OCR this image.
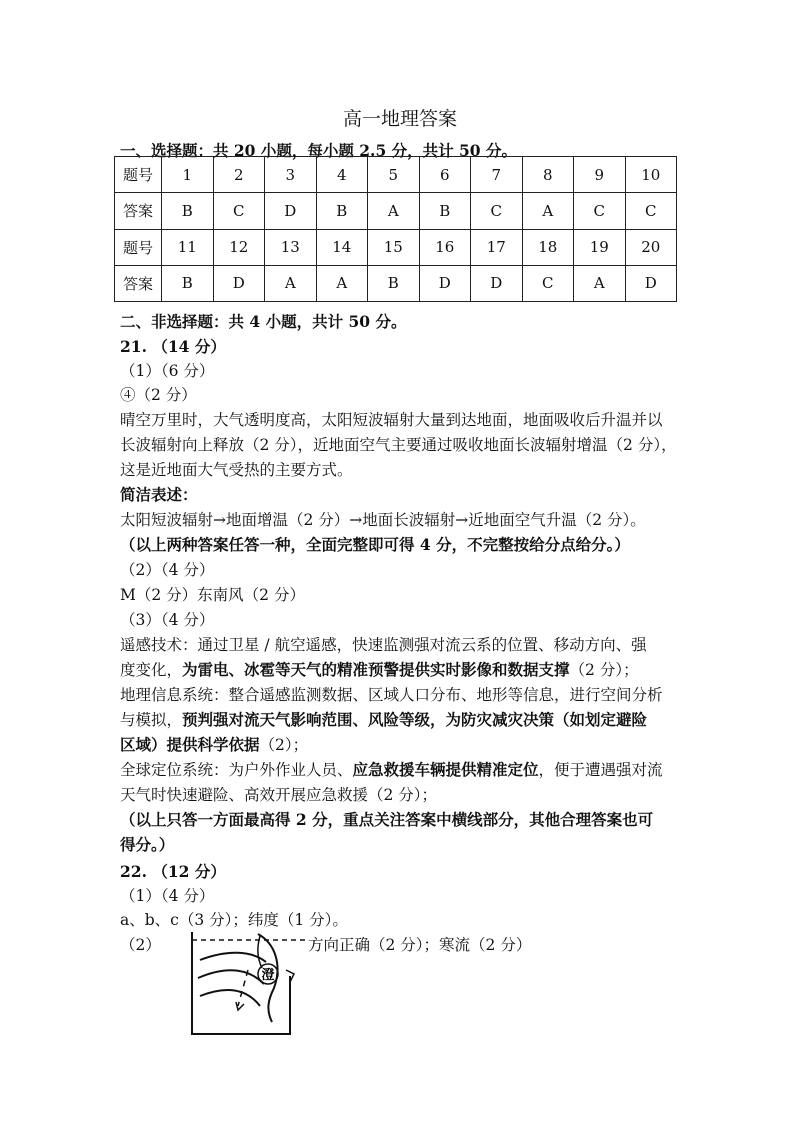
高一地理答案
一、选择题：共 20 小题，每小题 2.5 分，共计 50 分。
题号	1	2	3	4	5	6	7	8	9	10
答案	B	C	D	B	A	B	C	A	C	C
题号	11	12	13	14	15	16	17	18	19	20
答案	B	D	A	A	B	D	D	C	A	D
二、非选择题：共 4 小题，共计 50 分。
21. （14 分）
（1）（6 分）
④（2 分）
晴空万里时，大气透明度高，太阳短波辐射大量到达地面，地面吸收后升温并以
长波辐射向上释放（2 分），近地面空气主要通过吸收地面长波辐射增温（2 分），
这是近地面大气受热的主要方式。
简洁表述：
太阳短波辐射→地面增温（2 分）→地面长波辐射→近地面空气升温（2 分）。
（以上两种答案任答一种，全面完整即可得 4 分，不完整按给分点给分。）
（2）（4 分）
M（2 分）东南风（2 分）
（3）（4 分）
遥感技术：通过卫星 / 航空遥感，快速监测强对流云系的位置、移动方向、强
度变化，为雷电、冰雹等天气的精准预警提供实时影像和数据支撑（2 分）；
地理信息系统：整合遥感监测数据、区域人口分布、地形等信息，进行空间分析
与模拟，预判强对流天气影响范围、风险等级，为防灾减灾决策（如划定避险
区域）提供科学依据（2）；
全球定位系统：为户外作业人员、应急救援车辆提供精准定位，便于遭遇强对流
天气时快速避险、高效开展应急救援（2 分）；
（以上只答一方面最高得 2 分，重点关注答案中横线部分，其他合理答案也可
得分。）
22. （12 分）
（1）（4 分）
a、b、c（3 分）；纬度（1 分）。
（2）	方向正确（2 分）；寒流（2 分）
澄
